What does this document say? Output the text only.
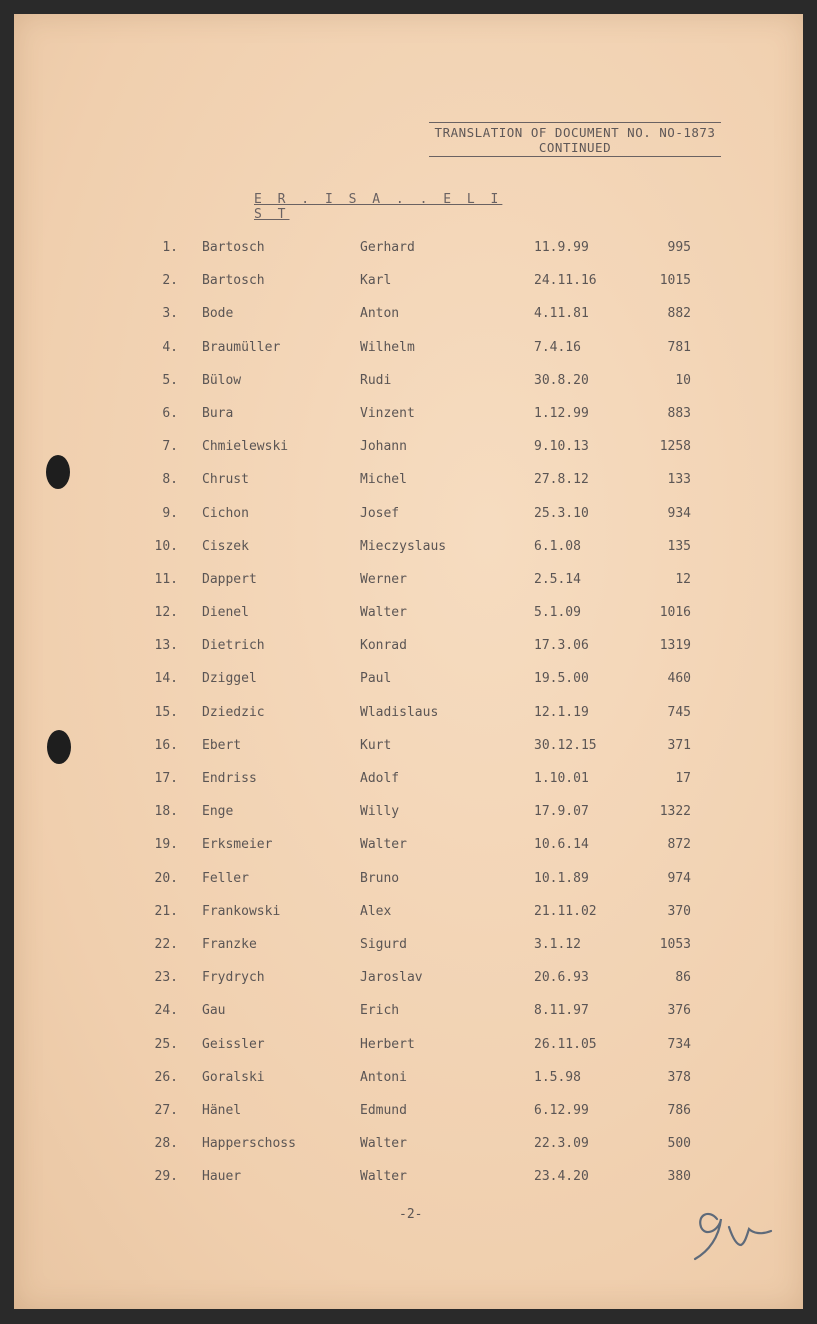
TRANSLATION OF DOCUMENT NO. NO-1873
CONTINUED
E R . I S A . . E L I S T
1. Bartosch	Gerhard	11.9.99	995
2. Bartosch	Karl	24.11.16	1015
3. Bode	Anton	4.11.81	882
4. Braumüller	Wilhelm	7.4.16	781
5. Bülow	Rudi	30.8.20	10
6. Bura	Vinzent	1.12.99	883
7. Chmielewski	Johann	9.10.13	1258
8. Chrust	Michel	27.8.12	133
9. Cichon	Josef	25.3.10	934
10. Ciszek	Mieczyslaus	6.1.08	135
11. Dappert	Werner	2.5.14	12
12. Dienel	Walter	5.1.09	1016
13. Dietrich	Konrad	17.3.06	1319
14. Dziggel	Paul	19.5.00	460
15. Dziedzic	Wladislaus	12.1.19	745
16. Ebert	Kurt	30.12.15	371
17. Endriss	Adolf	1.10.01	17
18. Enge	Willy	17.9.07	1322
19. Erksmeier	Walter	10.6.14	872
20. Feller	Bruno	10.1.89	974
21. Frankowski	Alex	21.11.02	370
22. Franzke	Sigurd	3.1.12	1053
23. Frydrych	Jaroslav	20.6.93	86
24. Gau	Erich	8.11.97	376
25. Geissler	Herbert	26.11.05	734
26. Goralski	Antoni	1.5.98	378
27. Hänel	Edmund	6.12.99	786
28. Happerschoss	Walter	22.3.09	500
29. Hauer	Walter	23.4.20	380
-2-
